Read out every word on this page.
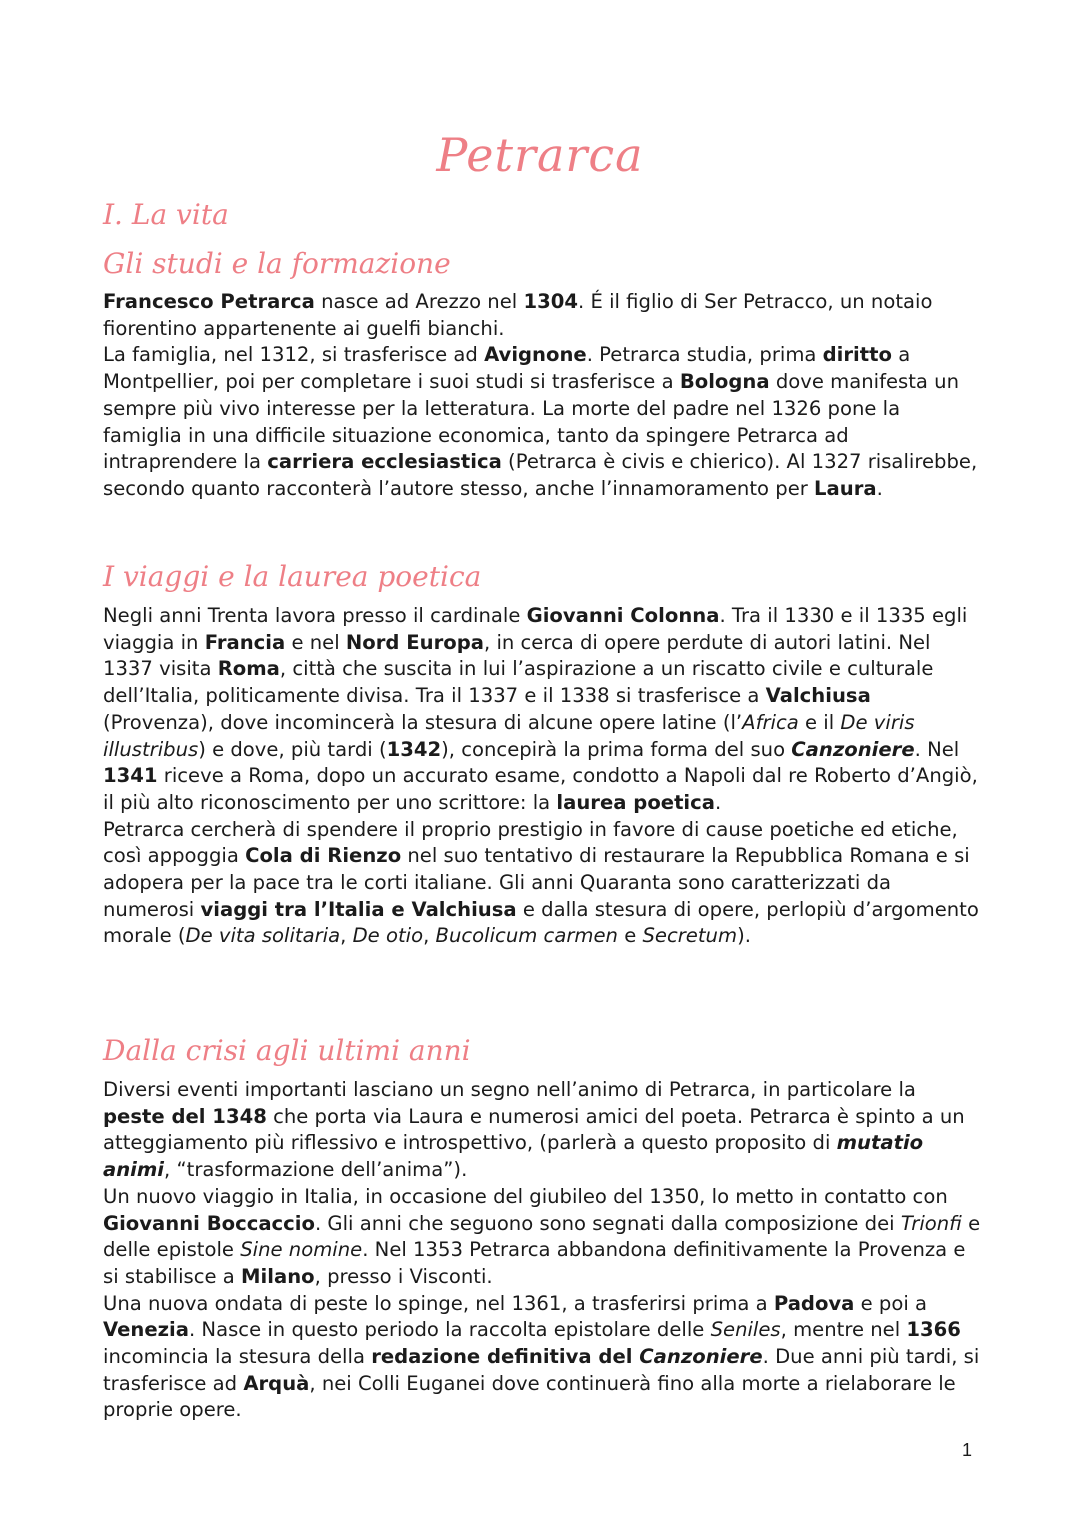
Petrarca
I. La vita
Gli studi e la formazione

Francesco Petrarca nasce ad Arezzo nel 1304. É il figlio di Ser Petracco, un notaio fiorentino appartenente ai guelfi bianchi.

La famiglia, nel 1312, si trasferisce ad Avignone. Petrarca studia, prima diritto a Montpellier, poi per completare i suoi studi si trasferisce a Bologna dove manifesta un sempre più vivo interesse per la letteratura. La morte del padre nel 1326 pone la famiglia in una difficile situazione economica, tanto da spingere Petrarca ad intraprendere la carriera ecclesiastica (Petrarca è civis e chierico). Al 1327 risalirebbe, secondo quanto racconterà l’autore stesso, anche l’innamoramento per Laura.

I viaggi e la laurea poetica

Negli anni Trenta lavora presso il cardinale Giovanni Colonna. Tra il 1330 e il 1335 egli viaggia in Francia e nel Nord Europa, in cerca di opere perdute di autori latini. Nel 1337 visita Roma, città che suscita in lui l’aspirazione a un riscatto civile e culturale dell’Italia, politicamente divisa. Tra il 1337 e il 1338 si trasferisce a Valchiusa (Provenza), dove incomincerà la stesura di alcune opere latine (l’Africa e il De viris illustribus) e dove, più tardi (1342), concepirà la prima forma del suo Canzoniere. Nel 1341 riceve a Roma, dopo un accurato esame, condotto a Napoli dal re Roberto d’Angiò, il più alto riconoscimento per uno scrittore: la laurea poetica.

Petrarca cercherà di spendere il proprio prestigio in favore di cause poetiche ed etiche, così appoggia Cola di Rienzo nel suo tentativo di restaurare la Repubblica Romana e si adopera per la pace tra le corti italiane. Gli anni Quaranta sono caratterizzati da numerosi viaggi tra l’Italia e Valchiusa e dalla stesura di opere, perlopiù d’argomento morale (De vita solitaria, De otio, Bucolicum carmen e Secretum).

Dalla crisi agli ultimi anni

Diversi eventi importanti lasciano un segno nell’animo di Petrarca, in particolare la peste del 1348 che porta via Laura e numerosi amici del poeta. Petrarca è spinto a un atteggiamento più riflessivo e introspettivo, (parlerà a questo proposito di mutatio animi, “trasformazione dell’anima”).

Un nuovo viaggio in Italia, in occasione del giubileo del 1350, lo metto in contatto con Giovanni Boccaccio. Gli anni che seguono sono segnati dalla composizione dei Trionfi e delle epistole Sine nomine. Nel 1353 Petrarca abbandona definitivamente la Provenza e si stabilisce a Milano, presso i Visconti.

Una nuova ondata di peste lo spinge, nel 1361, a trasferirsi prima a Padova e poi a Venezia. Nasce in questo periodo la raccolta epistolare delle Seniles, mentre nel 1366 incomincia la stesura della redazione definitiva del Canzoniere. Due anni più tardi, si trasferisce ad Arquà, nei Colli Euganei dove continuerà fino alla morte a rielaborare le proprie opere.

1
